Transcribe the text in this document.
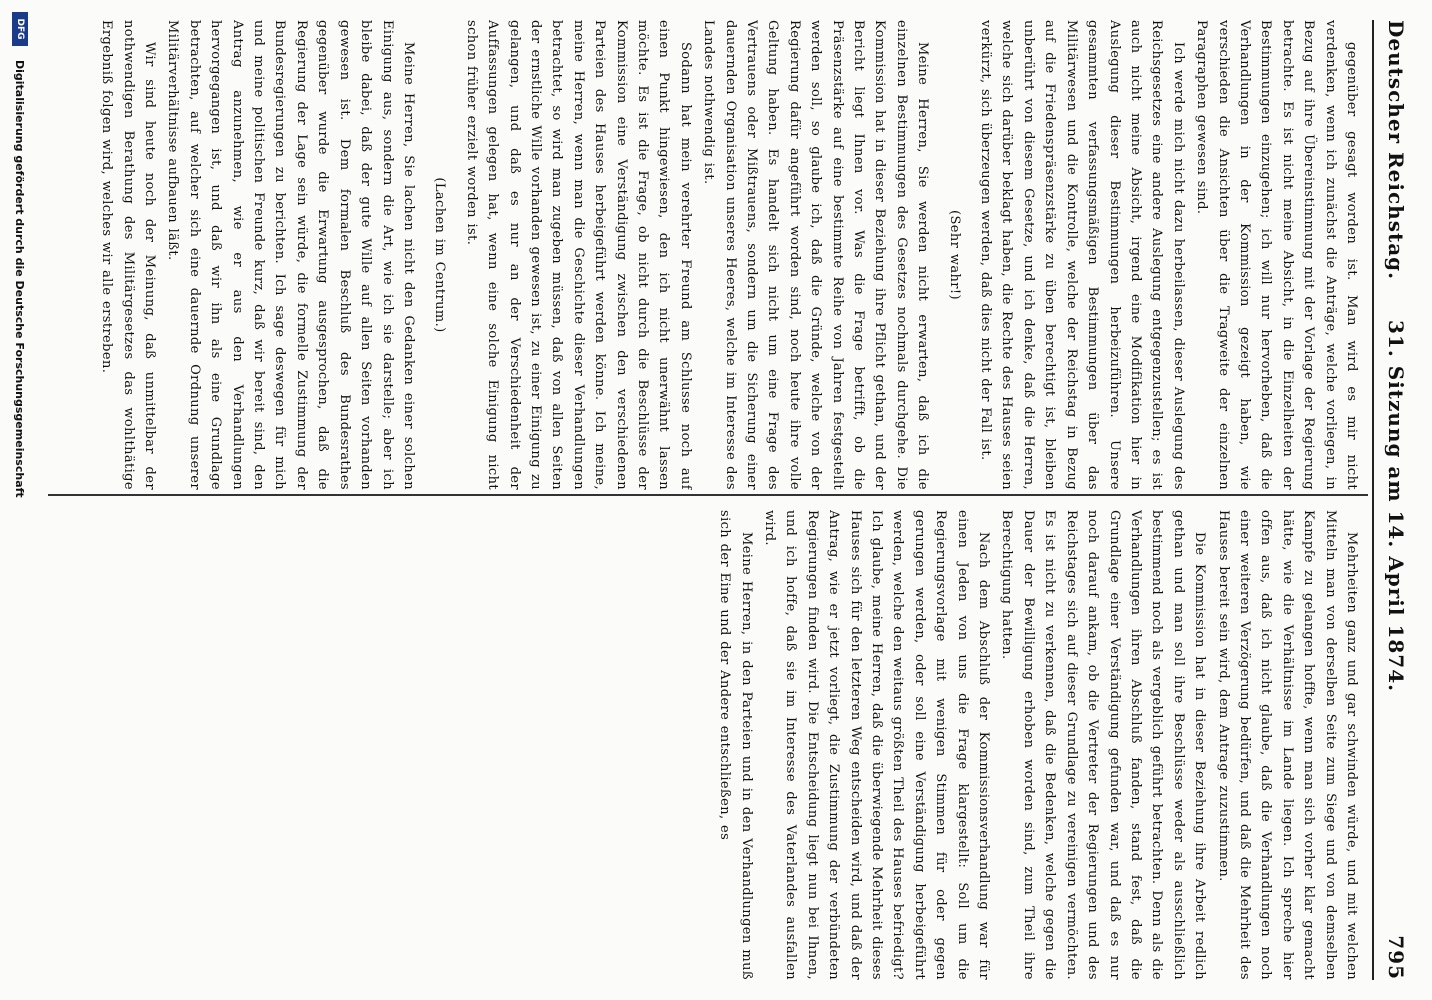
Deutscher Reichstag.
31. Sitzung am 14. April 1874.
795

gegenüber gesagt worden ist. Man wird es mir nicht verdenken, wenn ich zunächst die Anträge, welche vorliegen, in Bezug auf ihre Übereinstimmung mit der Vorlage der Regierung betrachte. Es ist nicht meine Absicht, in die Einzelheiten der Bestimmungen einzugehen; ich will nur hervorheben, daß die Verhandlungen in der Kommission gezeigt haben, wie verschieden die Ansichten über die Tragweite der einzelnen Paragraphen gewesen sind.

Ich werde mich nicht dazu herbeilassen, dieser Auslegung des Reichsgesetzes eine andere Auslegung entgegenzustellen; es ist auch nicht meine Absicht, irgend eine Modifikation hier in Auslegung dieser Bestimmungen herbeizuführen. Unsere gesammten verfassungsmäßigen Bestimmungen über das Militärwesen und die Kontrolle, welche der Reichstag in Bezug auf die Friedenspräsenzstärke zu üben berechtigt ist, bleiben unberührt von diesem Gesetze, und ich denke, daß die Herren, welche sich darüber beklagt haben, die Rechte des Hauses seien verkürzt, sich überzeugen werden, daß dies nicht der Fall ist.

(Sehr wahr!)

Meine Herren, Sie werden nicht erwarten, daß ich die einzelnen Bestimmungen des Gesetzes nochmals durchgehe. Die Kommission hat in dieser Beziehung ihre Pflicht gethan, und der Bericht liegt Ihnen vor. Was die Frage betrifft, ob die Präsenzstärke auf eine bestimmte Reihe von Jahren festgestellt werden soll, so glaube ich, daß die Gründe, welche von der Regierung dafür angeführt worden sind, noch heute ihre volle Geltung haben. Es handelt sich nicht um eine Frage des Vertrauens oder Mißtrauens, sondern um die Sicherung einer dauernden Organisation unseres Heeres, welche im Interesse des Landes nothwendig ist.

Sodann hat mein verehrter Freund am Schlusse noch auf einen Punkt hingewiesen, den ich nicht unerwähnt lassen möchte. Es ist die Frage, ob nicht durch die Beschlüsse der Kommission eine Verständigung zwischen den verschiedenen Parteien des Hauses herbeigeführt werden könne. Ich meine, meine Herren, wenn man die Geschichte dieser Verhandlungen betrachtet, so wird man zugeben müssen, daß von allen Seiten der ernstliche Wille vorhanden gewesen ist, zu einer Einigung zu gelangen, und daß es nur an der Verschiedenheit der Auffassungen gelegen hat, wenn eine solche Einigung nicht schon früher erzielt worden ist.

(Lachen im Centrum.)

Meine Herren, Sie lachen nicht den Gedanken einer solchen Einigung aus, sondern die Art, wie ich sie darstelle; aber ich bleibe dabei, daß der gute Wille auf allen Seiten vorhanden gewesen ist. Dem formalen Beschluß des Bundesrathes gegenüber wurde die Erwartung ausgesprochen, daß die Regierung der Lage sein würde, die formelle Zustimmung der Bundesregierungen zu berichten. Ich sage deswegen für mich und meine politischen Freunde kurz, daß wir bereit sind, den Antrag anzunehmen, wie er aus den Verhandlungen hervorgegangen ist, und daß wir ihn als eine Grundlage betrachten, auf welcher sich eine dauernde Ordnung unserer Militärverhältnisse aufbauen läßt.

Wir sind heute noch der Meinung, daß unmittelbar der nothwendigen Berathung des Militärgesetzes das wohlthätige Ergebniß folgen wird, welches wir alle erstreben.

Mehrheiten ganz und gar schwinden würde, und mit welchen Mitteln man von derselben Seite zum Siege und von demselben Kampfe zu gelangen hoffte, wenn man sich vorher klar gemacht hätte, wie die Verhältnisse im Lande liegen. Ich spreche hier offen aus, daß ich nicht glaube, daß die Verhandlungen noch einer weiteren Verzögerung bedürfen, und daß die Mehrheit des Hauses bereit sein wird, dem Antrage zuzustimmen.

Die Kommission hat in dieser Beziehung ihre Arbeit redlich gethan und man soll ihre Beschlüsse weder als ausschließlich bestimmend noch als vergeblich geführt betrachten. Denn als die Verhandlungen ihren Abschluß fanden, stand fest, daß die Grundlage einer Verständigung gefunden war, und daß es nur noch darauf ankam, ob die Vertreter der Regierungen und des Reichstages sich auf dieser Grundlage zu vereinigen vermöchten. Es ist nicht zu verkennen, daß die Bedenken, welche gegen die Dauer der Bewilligung erhoben worden sind, zum Theil ihre Berechtigung hatten.

Nach dem Abschluß der Kommissionsverhandlung war für einen Jeden von uns die Frage klargestellt: Soll um die Regierungsvorlage mit wenigen Stimmen für oder gegen gerungen werden, oder soll eine Verständigung herbeigeführt werden, welche den weitaus größten Theil des Hauses befriedigt? Ich glaube, meine Herren, daß die überwiegende Mehrheit dieses Hauses sich für den letzteren Weg entscheiden wird, und daß der Antrag, wie er jetzt vorliegt, die Zustimmung der verbündeten Regierungen finden wird. Die Entscheidung liegt nun bei Ihnen, und ich hoffe, daß sie im Interesse des Vaterlandes ausfallen wird.

Meine Herren, in den Parteien und in den Verhandlungen muß sich der Eine und der Andere entschließen, es

DFG
Digitalisierung gefördert durch die Deutsche Forschungsgemeinschaft
